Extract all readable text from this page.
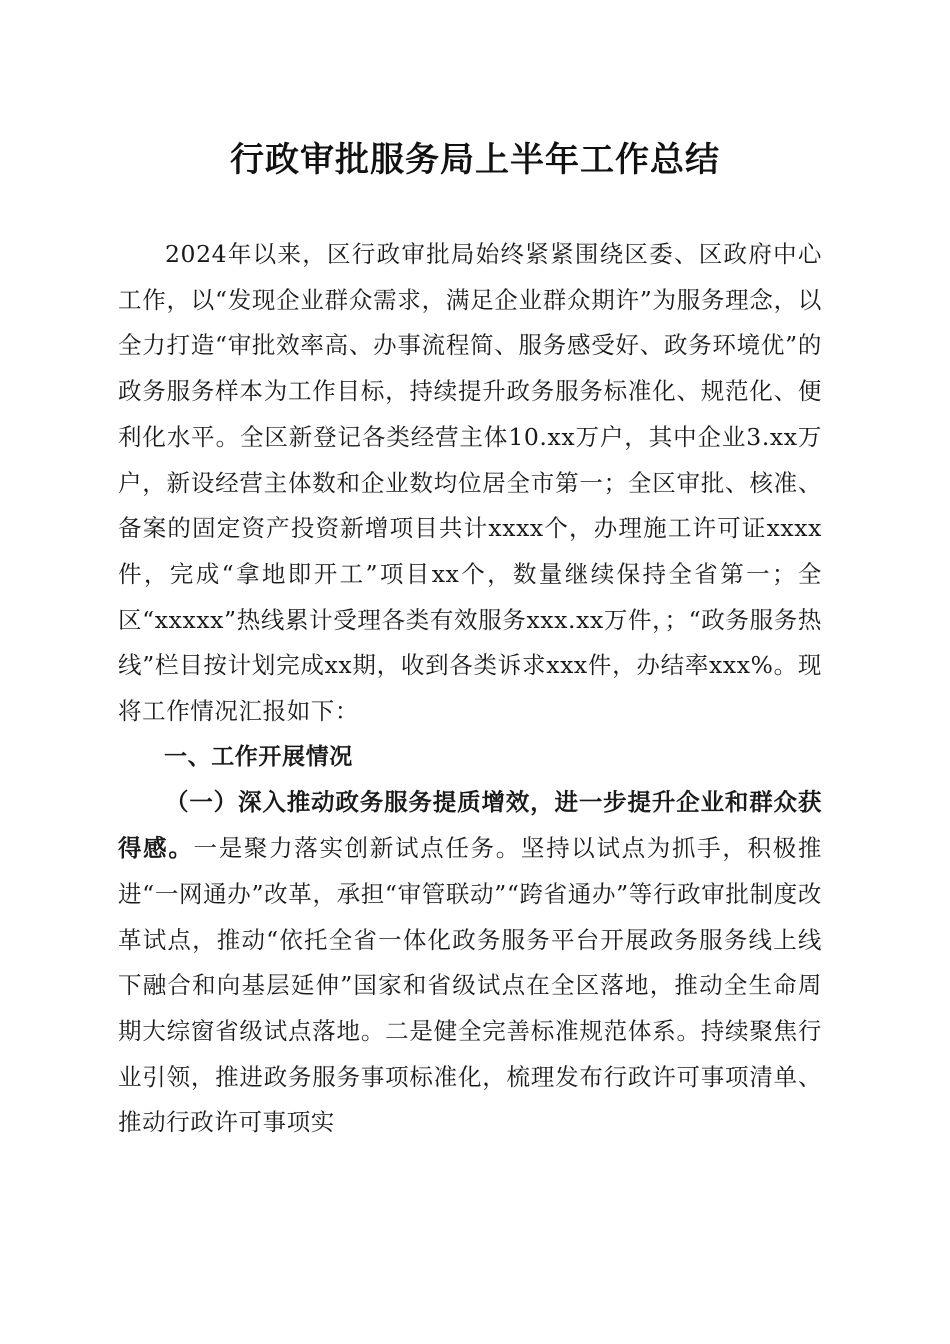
行政审批服务局上半年工作总结

2024年以来，区行政审批局始终紧紧围绕区委、区政府中心工作，以“发现企业群众需求，满足企业群众期许”为服务理念，以全力打造“审批效率高、办事流程简、服务感受好、政务环境优”的政务服务样本为工作目标，持续提升政务服务标准化、规范化、便利化水平。全区新登记各类经营主体10.xx万户，其中企业3.xx万户，新设经营主体数和企业数均位居全市第一；全区审批、核准、备案的固定资产投资新增项目共计xxxx个，办理施工许可证xxxx件，完成“拿地即开工”项目xx个，数量继续保持全省第一；全区“xxxxx”热线累计受理各类有效服务xxx.xx万件，；“政务服务热线”栏目按计划完成xx期，收到各类诉求xxx件，办结率xxx%。现将工作情况汇报如下：

一、工作开展情况

（一）深入推动政务服务提质增效，进一步提升企业和群众获得感。一是聚力落实创新试点任务。坚持以试点为抓手，积极推进“一网通办”改革，承担“审管联动”“跨省通办”等行政审批制度改革试点，推动“依托全省一体化政务服务平台开展政务服务线上线下融合和向基层延伸”国家和省级试点在全区落地，推动全生命周期大综窗省级试点落地。二是健全完善标准规范体系。持续聚焦行业引领，推进政务服务事项标准化，梳理发布行政许可事项清单、推动行政许可事项实
